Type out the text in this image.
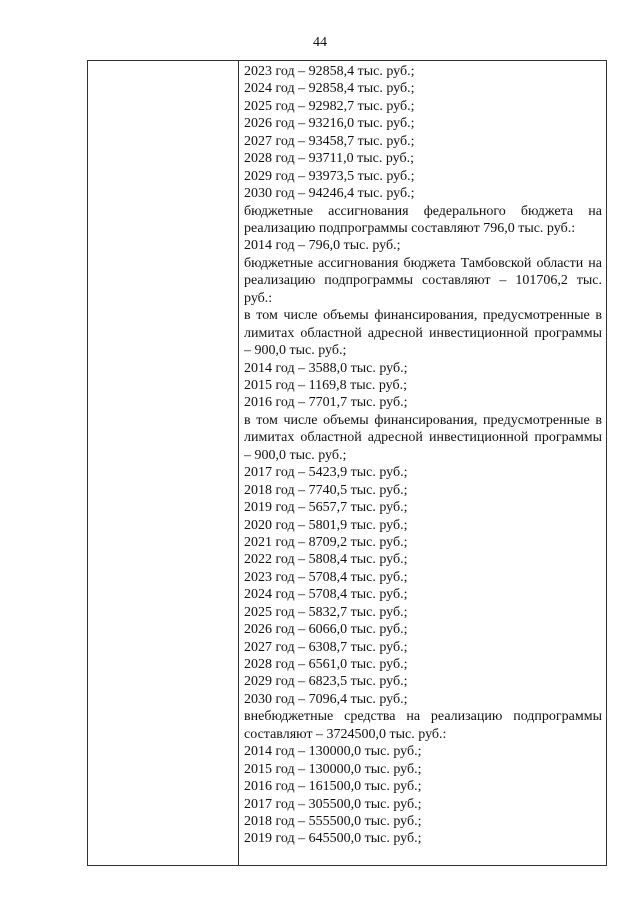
44
2023 год – 92858,4 тыс. руб.;
2024 год – 92858,4 тыс. руб.;
2025 год – 92982,7 тыс. руб.;
2026 год – 93216,0 тыс. руб.;
2027 год – 93458,7 тыс. руб.;
2028 год – 93711,0 тыс. руб.;
2029 год – 93973,5 тыс. руб.;
2030 год – 94246,4 тыс. руб.;
бюджетные ассигнования федерального бюджета на реализацию подпрограммы составляют 796,0 тыс. руб.:
2014 год – 796,0 тыс. руб.;
бюджетные ассигнования бюджета Тамбовской области на реализацию подпрограммы составляют – 101706,2 тыс. руб.:
в том числе объемы финансирования, предусмотренные в лимитах областной адресной инвестиционной программы – 900,0 тыс. руб.;
2014 год – 3588,0 тыс. руб.;
2015 год – 1169,8 тыс. руб.;
2016 год – 7701,7 тыс. руб.;
в том числе объемы финансирования, предусмотренные в лимитах областной адресной инвестиционной программы – 900,0 тыс. руб.;
2017 год – 5423,9 тыс. руб.;
2018 год – 7740,5 тыс. руб.;
2019 год – 5657,7 тыс. руб.;
2020 год – 5801,9 тыс. руб.;
2021 год – 8709,2 тыс. руб.;
2022 год – 5808,4 тыс. руб.;
2023 год – 5708,4 тыс. руб.;
2024 год – 5708,4 тыс. руб.;
2025 год – 5832,7 тыс. руб.;
2026 год – 6066,0 тыс. руб.;
2027 год – 6308,7 тыс. руб.;
2028 год – 6561,0 тыс. руб.;
2029 год – 6823,5 тыс. руб.;
2030 год – 7096,4 тыс. руб.;
внебюджетные средства на реализацию подпрограммы составляют – 3724500,0 тыс. руб.:
2014 год – 130000,0 тыс. руб.;
2015 год – 130000,0 тыс. руб.;
2016 год – 161500,0 тыс. руб.;
2017 год – 305500,0 тыс. руб.;
2018 год – 555500,0 тыс. руб.;
2019 год – 645500,0 тыс. руб.;
